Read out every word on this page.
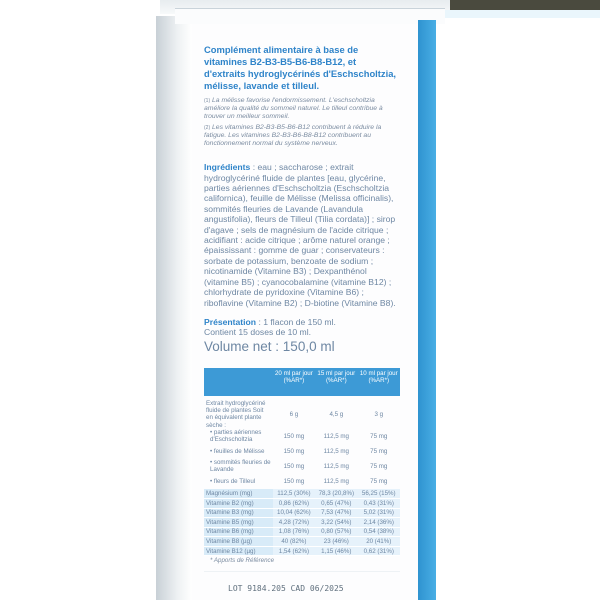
Complément alimentaire à base de vitamines B2-B3-B5-B6-B8-B12, et d'extraits hydroglycérinés d'Eschscholtzia, mélisse, lavande et tilleul.

$^{(1)}$ La mélisse favorise l'endormissement. L'eschscholtzia améliore la qualité du sommeil naturel. Le tilleul contribue à trouver un meilleur sommeil.

$^{(2)}$ Les vitamines B2-B3-B5-B6-B12 contribuent à réduire la fatigue. Les vitamines B2-B3-B6-B8-B12 contribuent au fonctionnement normal du système nerveux.

Ingrédients : eau ; saccharose ; extrait hydroglycériné fluide de plantes [eau, glycérine, parties aériennes d'Eschscholtzia (Eschscholtzia californica), feuille de Mélisse (Melissa officinalis), sommités fleuries de Lavande (Lavandula angustifolia), fleurs de Tilleul (Tilia cordata)] ; sirop d'agave ; sels de magnésium de l'acide citrique ; acidifiant : acide citrique ; arôme naturel orange ; épaississant : gomme de guar ; conservateurs : sorbate de potassium, benzoate de sodium ; nicotinamide (Vitamine B3) ; Dexpanthénol (vitamine B5) ; cyanocobalamine (vitamine B12) ; chlorhydrate de pyridoxine (Vitamine B6) ; riboflavine (Vitamine B2) ; D-biotine (Vitamine B8).

Présentation : 1 flacon de 150 ml.
Contient 15 doses de 10 ml.

Volume net : 150,0 ml

	20 ml par jour (%AR*)	15 ml par jour (%AR*)	10 ml par jour (%AR*)
Extrait hydroglycériné fluide de plantes Soit en équivalent plante sèche :	6 g	4,5 g	3 g
• parties aériennes d'Eschscholtzia	150 mg	112,5 mg	75 mg
• feuilles de Mélisse	150 mg	112,5 mg	75 mg
• sommités fleuries de Lavande	150 mg	112,5 mg	75 mg
• fleurs de Tilleul	150 mg	112,5 mg	75 mg
Magnésium (mg)	112,5 (30%)	78,3 (20,8%)	56,25 (15%)
Vitamine B2 (mg)	0,86 (62%)	0,65 (47%)	0,43 (31%)
Vitamine B3 (mg)	10,04 (62%)	7,53 (47%)	5,02 (31%)
Vitamine B5 (mg)	4,28 (72%)	3,22 (54%)	2,14 (36%)
Vitamine B6 (mg)	1,08 (76%)	0,80 (57%)	0,54 (38%)
Vitamine B8 (µg)	40 (82%)	23 (46%)	20 (41%)
Vitamine B12 (µg)	1,54 (62%)	1,15 (46%)	0,62 (31%)
* Apports de Référence
LOT 9184.205 CAD 06/2025
